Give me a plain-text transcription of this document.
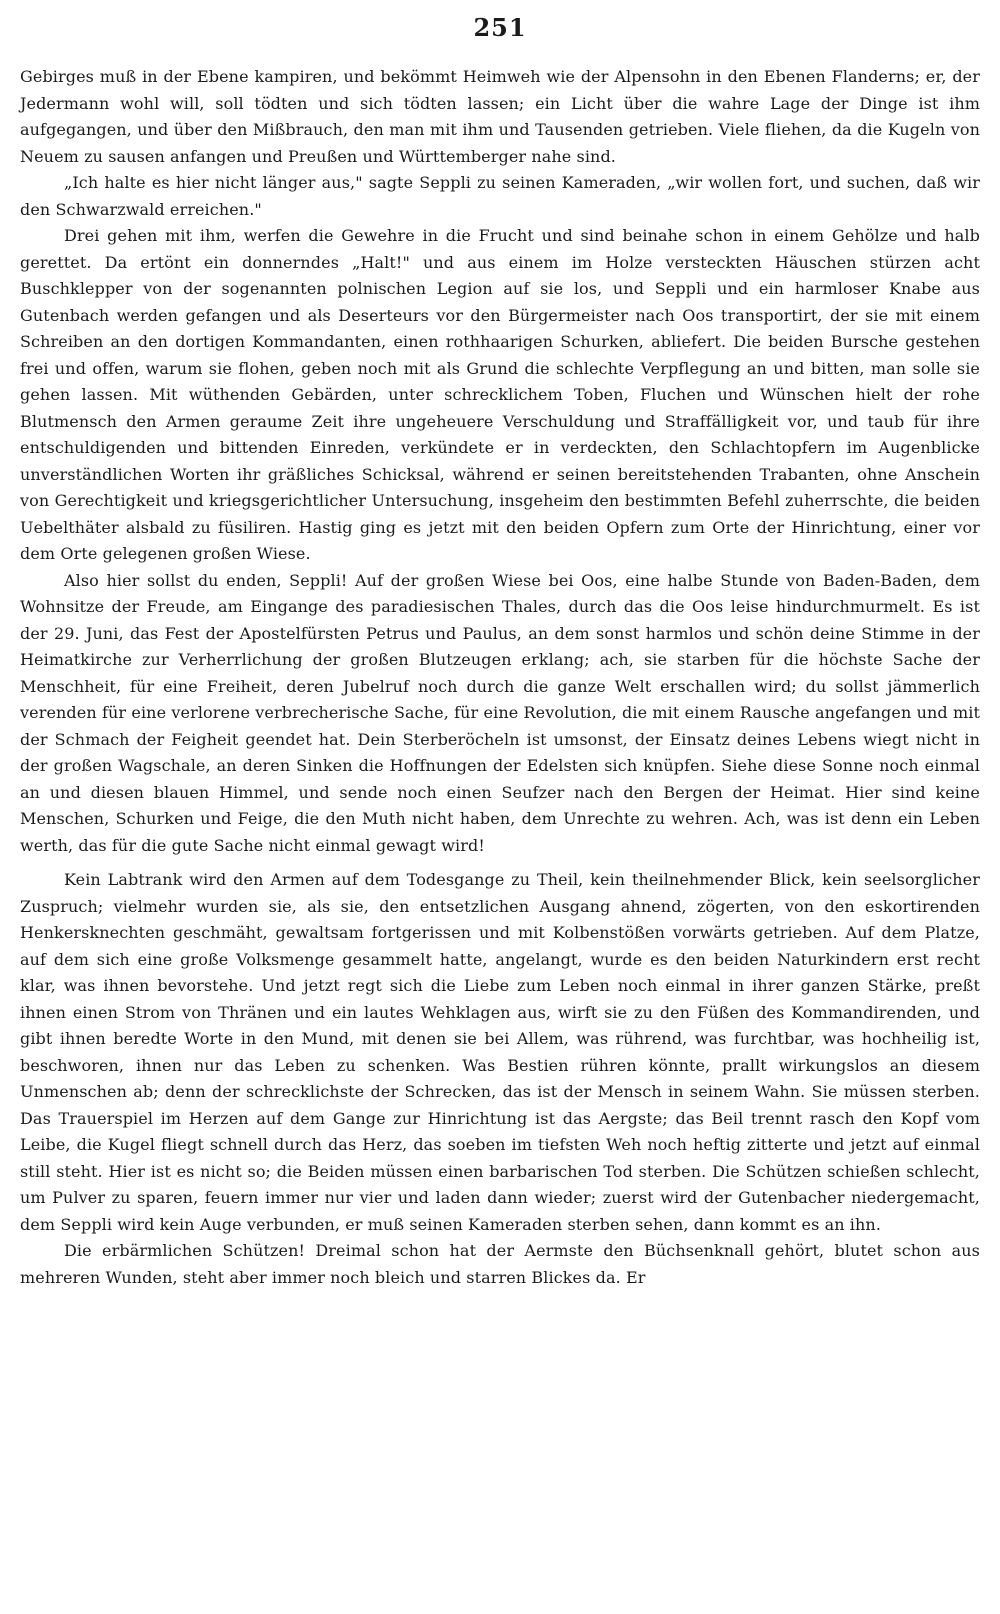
251

Gebirges muß in der Ebene kampiren, und bekömmt Heimweh wie der Alpensohn in den Ebenen Flanderns; er, der Jedermann wohl will, soll tödten und sich tödten lassen; ein Licht über die wahre Lage der Dinge ist ihm aufgegangen, und über den Mißbrauch, den man mit ihm und Tausenden getrieben. Viele fliehen, da die Kugeln von Neuem zu sausen anfangen und Preußen und Württemberger nahe sind.

„Ich halte es hier nicht länger aus," sagte Seppli zu seinen Kameraden, „wir wollen fort, und suchen, daß wir den Schwarzwald erreichen."

Drei gehen mit ihm, werfen die Gewehre in die Frucht und sind beinahe schon in einem Gehölze und halb gerettet. Da ertönt ein donnerndes „Halt!" und aus einem im Holze versteckten Häuschen stürzen acht Buschklepper von der sogenannten polnischen Legion auf sie los, und Seppli und ein harmloser Knabe aus Gutenbach werden gefangen und als Deserteurs vor den Bürgermeister nach Oos transportirt, der sie mit einem Schreiben an den dortigen Kommandanten, einen rothhaarigen Schurken, abliefert. Die beiden Bursche gestehen frei und offen, warum sie flohen, geben noch mit als Grund die schlechte Verpflegung an und bitten, man solle sie gehen lassen. Mit wüthenden Gebärden, unter schrecklichem Toben, Fluchen und Wünschen hielt der rohe Blutmensch den Armen geraume Zeit ihre ungeheuere Verschuldung und Straffälligkeit vor, und taub für ihre entschuldigenden und bittenden Einreden, verkündete er in verdeckten, den Schlachtopfern im Augenblicke unverständlichen Worten ihr gräßliches Schicksal, während er seinen bereitstehenden Trabanten, ohne Anschein von Gerechtigkeit und kriegsgerichtlicher Untersuchung, insgeheim den bestimmten Befehl zuherrschte, die beiden Uebelthäter alsbald zu füsiliren. Hastig ging es jetzt mit den beiden Opfern zum Orte der Hinrichtung, einer vor dem Orte gelegenen großen Wiese.

Also hier sollst du enden, Seppli! Auf der großen Wiese bei Oos, eine halbe Stunde von Baden-Baden, dem Wohnsitze der Freude, am Eingange des paradiesischen Thales, durch das die Oos leise hindurchmurmelt. Es ist der 29. Juni, das Fest der Apostelfürsten Petrus und Paulus, an dem sonst harmlos und schön deine Stimme in der Heimatkirche zur Verherrlichung der großen Blutzeugen erklang; ach, sie starben für die höchste Sache der Menschheit, für eine Freiheit, deren Jubelruf noch durch die ganze Welt erschallen wird; du sollst jämmerlich verenden für eine verlorene verbrecherische Sache, für eine Revolution, die mit einem Rausche angefangen und mit der Schmach der Feigheit geendet hat. Dein Sterberöcheln ist umsonst, der Einsatz deines Lebens wiegt nicht in der großen Wagschale, an deren Sinken die Hoffnungen der Edelsten sich knüpfen. Siehe diese Sonne noch einmal an und diesen blauen Himmel, und sende noch einen Seufzer nach den Bergen der Heimat. Hier sind keine Menschen, Schurken und Feige, die den Muth nicht haben, dem Unrechte zu wehren. Ach, was ist denn ein Leben werth, das für die gute Sache nicht einmal gewagt wird!

Kein Labtrank wird den Armen auf dem Todesgange zu Theil, kein theilnehmender Blick, kein seelsorglicher Zuspruch; vielmehr wurden sie, als sie, den entsetzlichen Ausgang ahnend, zögerten, von den eskortirenden Henkersknechten geschmäht, gewaltsam fortgerissen und mit Kolbenstößen vorwärts getrieben. Auf dem Platze, auf dem sich eine große Volksmenge gesammelt hatte, angelangt, wurde es den beiden Naturkindern erst recht klar, was ihnen bevorstehe. Und jetzt regt sich die Liebe zum Leben noch einmal in ihrer ganzen Stärke, preßt ihnen einen Strom von Thränen und ein lautes Wehklagen aus, wirft sie zu den Füßen des Kommandirenden, und gibt ihnen beredte Worte in den Mund, mit denen sie bei Allem, was rührend, was furchtbar, was hochheilig ist, beschworen, ihnen nur das Leben zu schenken. Was Bestien rühren könnte, prallt wirkungslos an diesem Unmenschen ab; denn der schrecklichste der Schrecken, das ist der Mensch in seinem Wahn. Sie müssen sterben. Das Trauerspiel im Herzen auf dem Gange zur Hinrichtung ist das Aergste; das Beil trennt rasch den Kopf vom Leibe, die Kugel fliegt schnell durch das Herz, das soeben im tiefsten Weh noch heftig zitterte und jetzt auf einmal still steht. Hier ist es nicht so; die Beiden müssen einen barbarischen Tod sterben. Die Schützen schießen schlecht, um Pulver zu sparen, feuern immer nur vier und laden dann wieder; zuerst wird der Gutenbacher niedergemacht, dem Seppli wird kein Auge verbunden, er muß seinen Kameraden sterben sehen, dann kommt es an ihn.

Die erbärmlichen Schützen! Dreimal schon hat der Aermste den Büchsenknall gehört, blutet schon aus mehreren Wunden, steht aber immer noch bleich und starren Blickes da. Er
